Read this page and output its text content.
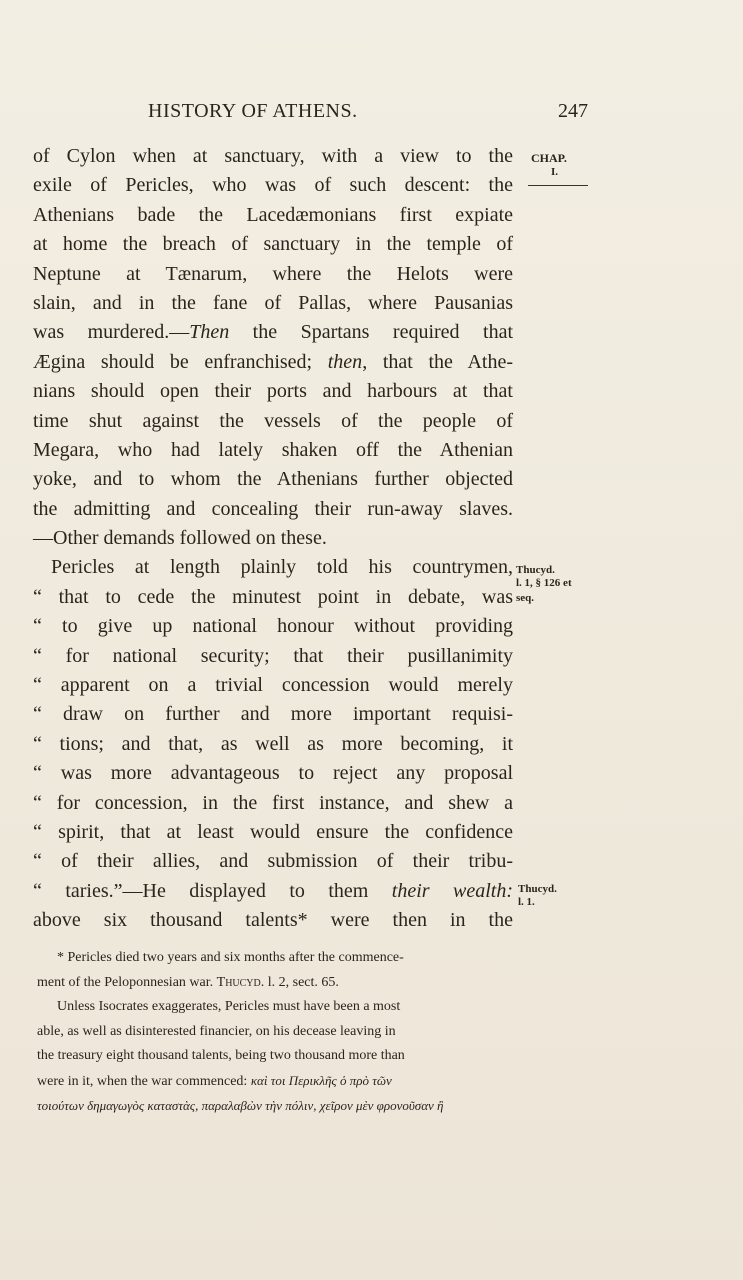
HISTORY OF ATHENS.	247
CHAP.
I.
Thucyd.
l. 1, § 126 et
seq.
Thucyd.
l. 1.
of Cylon when at sanctuary, with a view to the
exile of Pericles, who was of such descent: the
Athenians bade the Lacedæmonians first expiate
at home the breach of sanctuary in the temple of
Neptune at Tænarum, where the Helots were
slain, and in the fane of Pallas, where Pausanias
was murdered.—Then the Spartans required that
Ægina should be enfranchised; then, that the Athe-
nians should open their ports and harbours at that
time shut against the vessels of the people of
Megara, who had lately shaken off the Athenian
yoke, and to whom the Athenians further objected
the admitting and concealing their run-away slaves.
—Other demands followed on these.
Pericles at length plainly told his countrymen,
“ that to cede the minutest point in debate, was
“ to give up national honour without providing
“ for national security; that their pusillanimity
“ apparent on a trivial concession would merely
“ draw on further and more important requisi-
“ tions; and that, as well as more becoming, it
“ was more advantageous to reject any proposal
“ for concession, in the first instance, and shew a
“ spirit, that at least would ensure the confidence
“ of their allies, and submission of their tribu-
“ taries.”—He displayed to them their wealth:
above six thousand talents* were then in the
* Pericles died two years and six months after the commence-
ment of the Peloponnesian war. Thucyd. l. 2, sect. 65.
Unless Isocrates exaggerates, Pericles must have been a most
able, as well as disinterested financier, on his decease leaving in
the treasury eight thousand talents, being two thousand more than
were in it, when the war commenced: καὶ τοι Περικλῆς ὁ πρὸ τῶν
τοιούτων δημαγωγὸς καταστὰς, παραλαβὼν τὴν πόλιν, χεῖρον μὲν φρονοῦσαν ἢ
